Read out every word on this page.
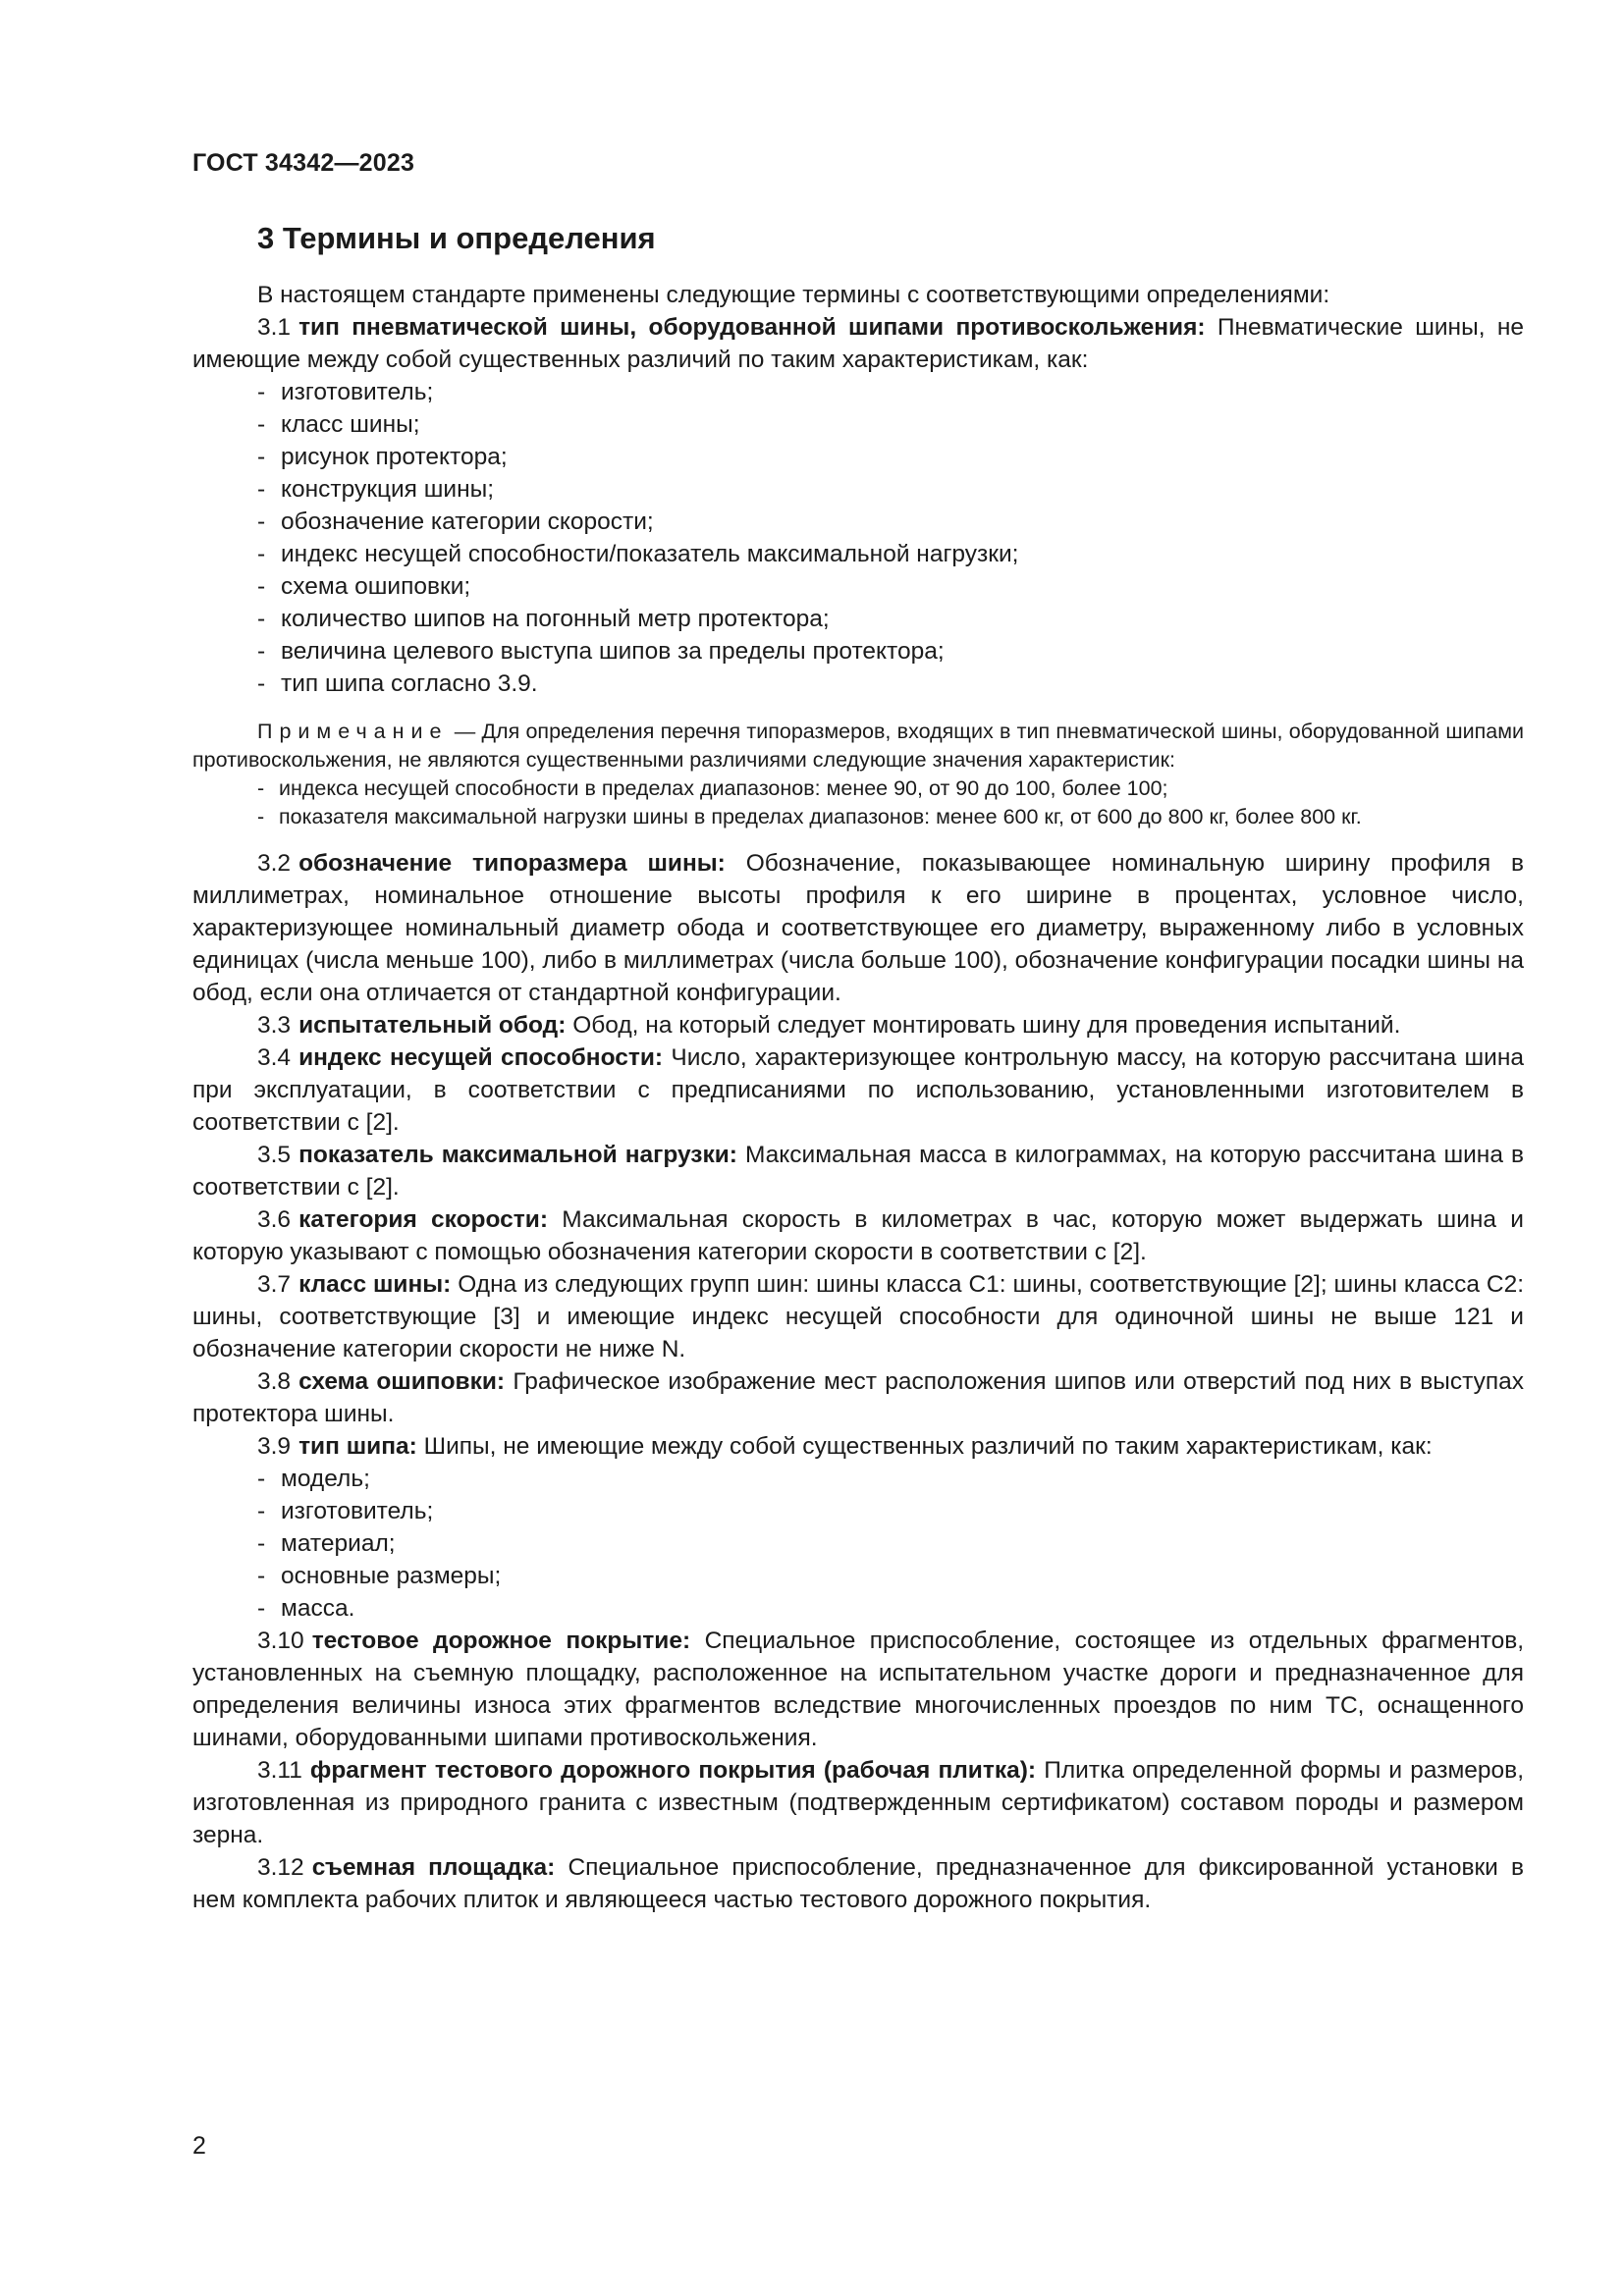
ГОСТ 34342—2023
3 Термины и определения

В настоящем стандарте применены следующие термины с соответствующими определениями:

3.1 тип пневматической шины, оборудованной шипами противоскольжения: Пневматические шины, не имеющие между собой существенных различий по таким характеристикам, как:

- изготовитель;
- класс шины;
- рисунок протектора;
- конструкция шины;
- обозначение категории скорости;
- индекс несущей способности/показатель максимальной нагрузки;
- схема ошиповки;
- количество шипов на погонный метр протектора;
- величина целевого выступа шипов за пределы протектора;
- тип шипа согласно 3.9.

Примечание — Для определения перечня типоразмеров, входящих в тип пневматической шины, оборудованной шипами противоскольжения, не являются существенными различиями следующие значения характеристик:

- индекса несущей способности в пределах диапазонов: менее 90, от 90 до 100, более 100;
- показателя максимальной нагрузки шины в пределах диапазонов: менее 600 кг, от 600 до 800 кг, более 800 кг.

3.2 обозначение типоразмера шины: Обозначение, показывающее номинальную ширину профиля в миллиметрах, номинальное отношение высоты профиля к его ширине в процентах, условное число, характеризующее номинальный диаметр обода и соответствующее его диаметру, выраженному либо в условных единицах (числа меньше 100), либо в миллиметрах (числа больше 100), обозначение конфигурации посадки шины на обод, если она отличается от стандартной конфигурации.

3.3 испытательный обод: Обод, на который следует монтировать шину для проведения испытаний.

3.4 индекс несущей способности: Число, характеризующее контрольную массу, на которую рассчитана шина при эксплуатации, в соответствии с предписаниями по использованию, установленными изготовителем в соответствии с [2].

3.5 показатель максимальной нагрузки: Максимальная масса в килограммах, на которую рассчитана шина в соответствии с [2].

3.6 категория скорости: Максимальная скорость в километрах в час, которую может выдержать шина и которую указывают с помощью обозначения категории скорости в соответствии с [2].

3.7 класс шины: Одна из следующих групп шин: шины класса С1: шины, соответствующие [2]; шины класса С2: шины, соответствующие [3] и имеющие индекс несущей способности для одиночной шины не выше 121 и обозначение категории скорости не ниже N.

3.8 схема ошиповки: Графическое изображение мест расположения шипов или отверстий под них в выступах протектора шины.

3.9 тип шипа: Шипы, не имеющие между собой существенных различий по таким характеристикам, как:

- модель;
- изготовитель;
- материал;
- основные размеры;
- масса.

3.10 тестовое дорожное покрытие: Специальное приспособление, состоящее из отдельных фрагментов, установленных на съемную площадку, расположенное на испытательном участке дороги и предназначенное для определения величины износа этих фрагментов вследствие многочисленных проездов по ним ТС, оснащенного шинами, оборудованными шипами противоскольжения.

3.11 фрагмент тестового дорожного покрытия (рабочая плитка): Плитка определенной формы и размеров, изготовленная из природного гранита с известным (подтвержденным сертификатом) составом породы и размером зерна.

3.12 съемная площадка: Специальное приспособление, предназначенное для фиксированной установки в нем комплекта рабочих плиток и являющееся частью тестового дорожного покрытия.

2
